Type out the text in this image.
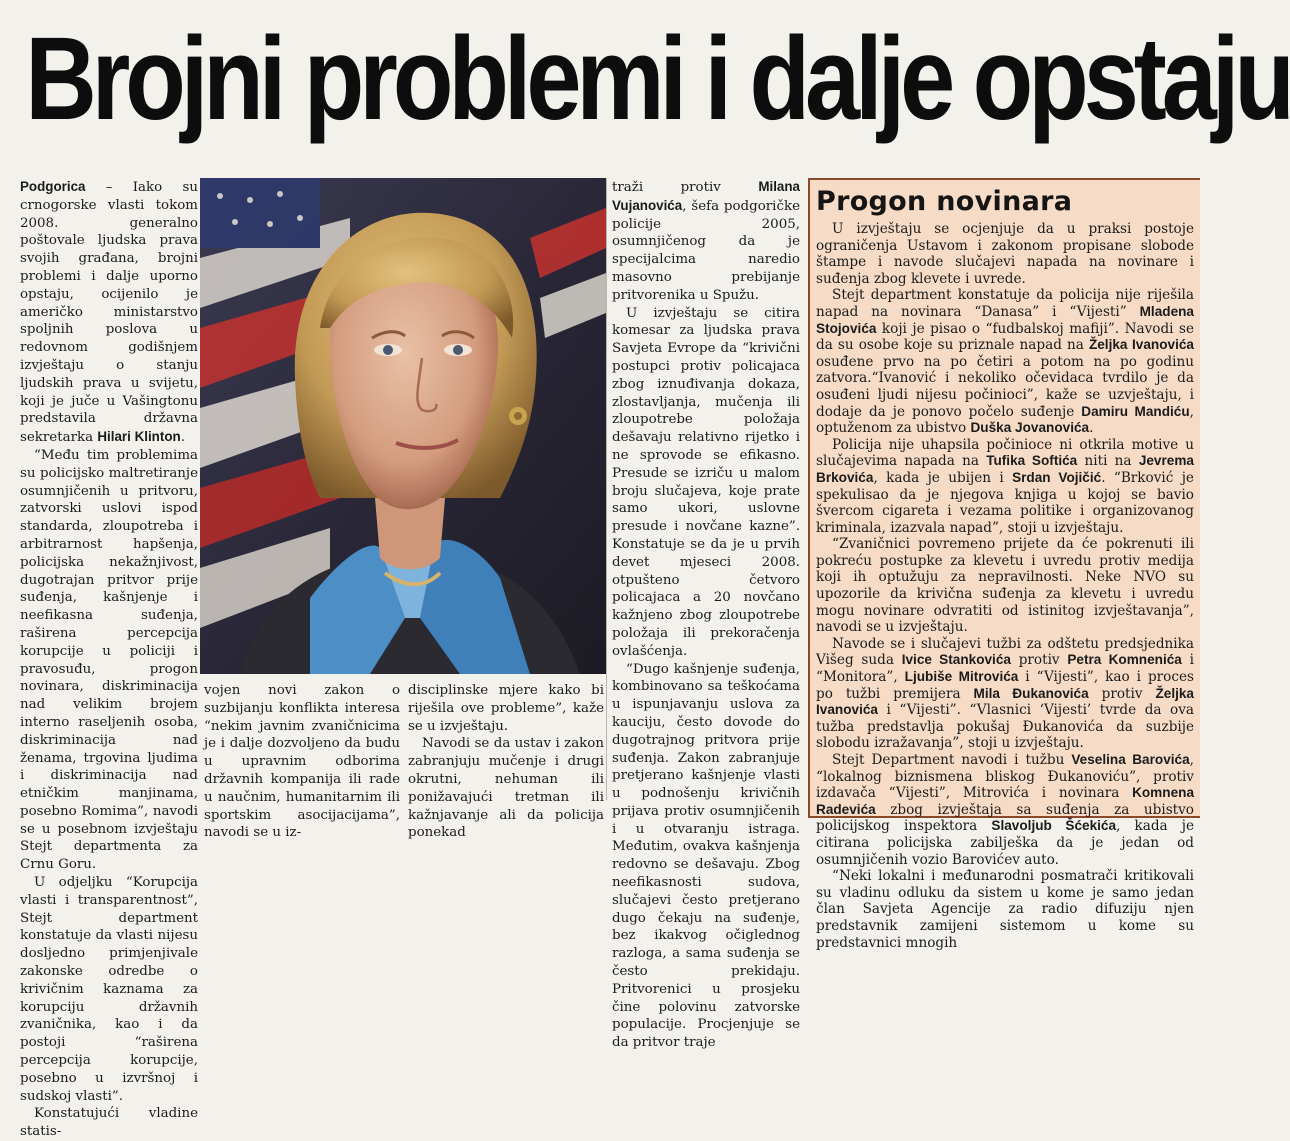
Brojni problemi i dalje opstaju

Podgorica – Iako su crnogorske vlasti tokom 2008. generalno poštovale ljudska prava svojih građana, brojni problemi i dalje uporno opstaju, ocijenilo je američko ministarstvo spoljnih poslova u redovnom godišnjem izvještaju o stanju ljudskih prava u svijetu, koji je juče u Vašingtonu predstavila državna sekretarka Hilari Klinton.

“Među tim problemima su policijsko maltretiranje osumnjičenih u pritvoru, zatvorski uslovi ispod standarda, zloupotreba i arbitrarnost hapšenja, policijska nekažnjivost, dugotrajan pritvor prije suđenja, kašnjenje i neefikasna suđenja, raširena percepcija korupcije u policiji i pravosuđu, progon novinara, diskriminacija nad velikim brojem interno raseljenih osoba, diskriminacija nad ženama, trgovina ljudima i diskriminacija nad etničkim manjinama, posebno Romima”, navodi se u posebnom izvještaju Stejt departmenta za Crnu Goru.

U odjeljku “Korupcija vlasti i transparentnost”, Stejt department konstatuje da vlasti nijesu dosljedno primjenjivale zakonske odredbe o krivičnim kaznama za korupciju državnih zvaničnika, kao i da postoji “raširena percepcija korupcije, posebno u izvršnoj i sudskoj vlasti”.

Konstatujući vladine statis-

vojen novi zakon o suzbijanju konflikta interesa “nekim javnim zvaničnicima je i dalje dozvoljeno da budu u upravnim odborima državnih kompanija ili rade u naučnim, humanitarnim ili sportskim asocijacijama”, navodi se u iz-

disciplinske mjere kako bi riješila ove probleme”, kaže se u izvještaju.

Navodi se da ustav i zakon zabranjuju mučenje i drugi okrutni, nehuman ili ponižavajući tretman ili kažnjavanje ali da policija ponekad

traži protiv Milana Vujanovića, šefa podgoričke policije 2005, osumnjičenog da je specijalcima naredio masovno prebijanje pritvorenika u Spužu.

U izvještaju se citira komesar za ljudska prava Savjeta Evrope da “krivični postupci protiv policajaca zbog iznuđivanja dokaza, zlostavljanja, mučenja ili zloupotrebe položaja dešavaju relativno rijetko i ne sprovode se efikasno. Presude se izriču u malom broju slučajeva, koje prate samo ukori, uslovne presude i novčane kazne”. Konstatuje se da je u prvih devet mjeseci 2008. otpušteno četvoro policajaca a 20 novčano kažnjeno zbog zloupotrebe položaja ili prekoračenja ovlašćenja.

“Dugo kašnjenje suđenja, kombinovano sa teškoćama u ispunjavanju uslova za kauciju, često dovode do dugotrajnog pritvora prije suđenja. Zakon zabranjuje pretjerano kašnjenje vlasti u podnošenju krivičnih prijava protiv osumnjičenih i u otvaranju istraga. Međutim, ovakva kašnjenja redovno se dešavaju. Zbog neefikasnosti sudova, slučajevi često pretjerano dugo čekaju na suđenje, bez ikakvog očiglednog razloga, a sama suđenja se često prekidaju. Pritvorenici u prosjeku čine polovinu zatvorske populacije. Procjenjuje se da pritvor traje

Progon novinara

U izvještaju se ocjenjuje da u praksi postoje ograničenja Ustavom i zakonom propisane slobode štampe i navode slučajevi napada na novinare i suđenja zbog klevete i uvrede.

Stejt department konstatuje da policija nije riješila napad na novinara “Danasa” i “Vijesti” Mladena Stojovića koji je pisao o “fudbalskoj mafiji”. Navodi se da su osobe koje su priznale napad na Željka Ivanovića osuđene prvo na po četiri a potom na po godinu zatvora.“Ivanović i nekoliko očevidaca tvrdilo je da osuđeni ljudi nijesu počinioci”, kaže se uzvještaju, i dodaje da je ponovo počelo suđenje Damiru Mandiću, optuženom za ubistvo Duška Jovanovića.

Policija nije uhapsila počinioce ni otkrila motive u slučajevima napada na Tufika Softića niti na Jevrema Brkovića, kada je ubijen i Srdan Vojičić. “Brković je spekulisao da je njegova knjiga u kojoj se bavio švercom cigareta i vezama politike i organizovanog kriminala, izazvala napad”, stoji u izvještaju.

“Zvaničnici povremeno prijete da će pokrenuti ili pokreću postupke za klevetu i uvredu protiv medija koji ih optužuju za nepravilnosti. Neke NVO su upozorile da krivična suđenja za klevetu i uvredu mogu novinare odvratiti od istinitog izvještavanja”, navodi se u izvještaju.

Navode se i slučajevi tužbi za odštetu predsjednika Višeg suda Ivice Stankovića protiv Petra Komnenića i “Monitora”, Ljubiše Mitrovića i “Vijesti”, kao i proces po tužbi premijera Mila Đukanovića protiv Željka Ivanovića i “Vijesti”. “Vlasnici ‘Vijesti’ tvrde da ova tužba predstavlja pokušaj Đukanovića da suzbije slobodu izražavanja”, stoji u izvještaju.

Stejt Department navodi i tužbu Veselina Barovića, “lokalnog biznismena bliskog Đukanoviću”, protiv izdavača “Vijesti”, Mitrovića i novinara Komnena Radevića zbog izvještaja sa suđenja za ubistvo policijskog inspektora Slavoljub Šćekića, kada je citirana policijska zabilješka da je jedan od osumnjičenih vozio Barovićev auto.

“Neki lokalni i međunarodni posmatrači kritikovali su vladinu odluku da sistem u kome je samo jedan član Savjeta Agencije za radio difuziju njen predstavnik zamijeni sistemom u kome su predstavnici mnogih
